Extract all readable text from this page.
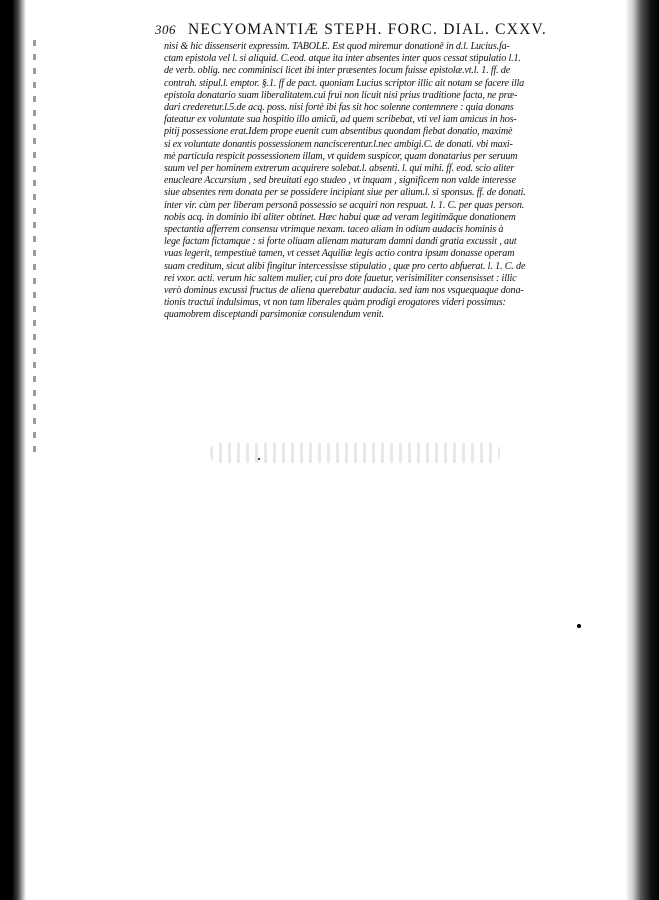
306 NECYOMANTIÆ STEPH. FORC. DIAL. CXXV.
nisi & hic dissenserit expressim. TABOLE. Est quod miremur donationē in d.l. Lucius.fa-
ctam epistola vel l. si aliquid. C.eod. atque ita inter absentes inter quos cessat stipulatio l.1.
de verb. oblig. nec comminisci licet ibi inter præsentes locum fuisse epistolæ.vt.l. 1. ff. de
contrah. stipul.l. emptor. §.1. ff de pact. quoniam Lucius scriptor illic ait notam se facere illa
epistola donatario suam liberalitatem.cui frui non licuit nisi prius traditione facta, ne præ-
dari crederetur.l.5.de acq. poss. nisi fortè ibi fas sit hoc solenne contemnere : quia donans
fateatur ex voluntate sua hospitio illo amicū, ad quem scribebat, vti vel iam amicus in hos-
pitij possessione erat.Idem prope euenit cum absentibus quondam fiebat donatio, maximè
si ex voluntate donantis possessionem nanciscerentur.l.nec ambigi.C. de donati. vbi maxi-
mè particula respicit possessionem illam, vt quidem suspicor, quam donatarius per seruum
suum vel per hominem extrerum acquirere solebat.l. absenti. l. qui mihi. ff. eod. scio aliter
enucleare Accursium , sed breuitati ego studeo , vt inquam , significem non valde interesse
siue absentes rem donata per se possidere incipiant siue per alium.l. si sponsus. ff. de donati.
inter vir. cùm per liberam personā possessio se acquiri non respuat. l. 1. C. per quas person.
nobis acq. in dominio ibi aliter obtinet. Hæc habui quæ ad veram legitimāque donationem
spectantia afferrem consensu vtrimque nexam. taceo aliam in odium audacis hominis à
lege factam fictamque : si forte oliuam alienam maturam damni dandi gratia excussit , aut
vuas legerit, tempestiuè tamen, vt cesset Aquiliæ legis actio contra ipsum donasse operam
suam creditum, sicut alibi fingitur intercessisse stipulatio , quæ pro certo abfuerat. l. 1. C. de
rei vxor. acti. verum hic saltem mulier, cui pro dote fauetur, verisimiliter consensisset : illic
verò dominus excussi fructus de aliena querebatur audacia. sed iam nos vsquequaque dona-
tionis tractui indulsimus, vt non tam liberales quàm prodigi erogatores videri possimus:
quamobrem disceptandi parsimoniæ consulendum venit.
